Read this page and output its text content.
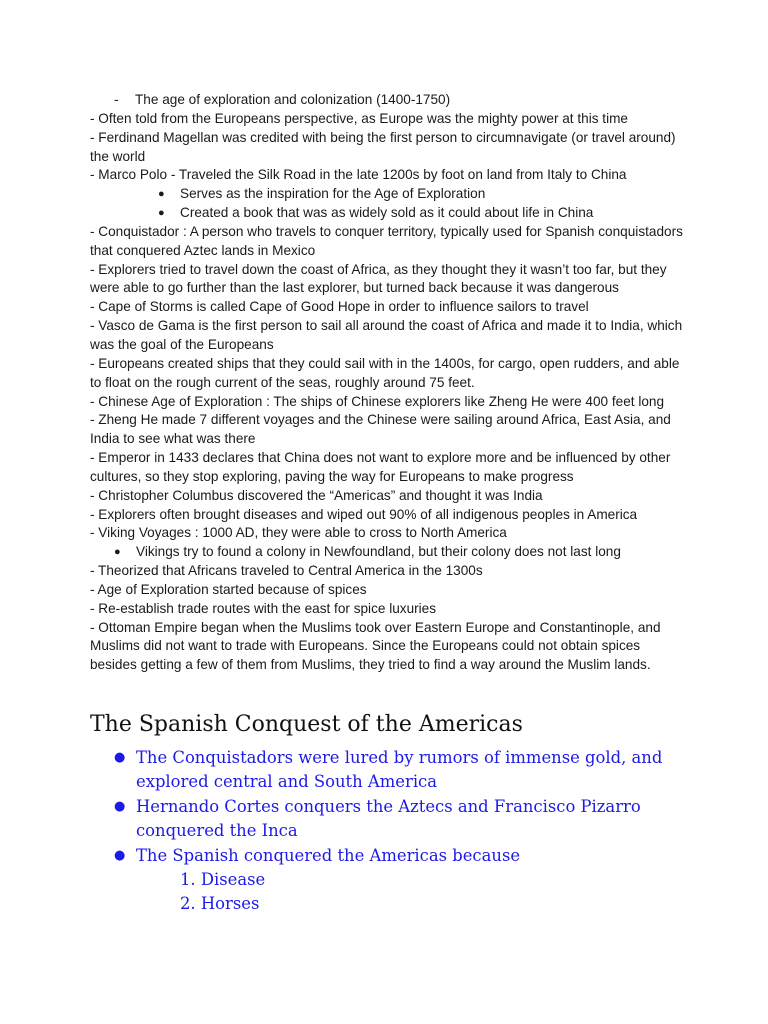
- The age of exploration and colonization (1400-1750)

- Often told from the Europeans perspective, as Europe was the mighty power at this time

- Ferdinand Magellan was credited with being the first person to circumnavigate (or travel around) the world

- Marco Polo - Traveled the Silk Road in the late 1200s by foot on land from Italy to China

● Serves as the inspiration for the Age of Exploration
● Created a book that was as widely sold as it could about life in China

- Conquistador : A person who travels to conquer territory, typically used for Spanish conquistadors that conquered Aztec lands in Mexico

- Explorers tried to travel down the coast of Africa, as they thought they it wasn’t too far, but they were able to go further than the last explorer, but turned back because it was dangerous

- Cape of Storms is called Cape of Good Hope in order to influence sailors to travel

- Vasco de Gama is the first person to sail all around the coast of Africa and made it to India, which was the goal of the Europeans

- Europeans created ships that they could sail with in the 1400s, for cargo, open rudders, and able to float on the rough current of the seas, roughly around 75 feet.

- Chinese Age of Exploration : The ships of Chinese explorers like Zheng He were 400 feet long

- Zheng He made 7 different voyages and the Chinese were sailing around Africa, East Asia, and India to see what was there

- Emperor in 1433 declares that China does not want to explore more and be influenced by other cultures, so they stop exploring, paving the way for Europeans to make progress

- Christopher Columbus discovered the “Americas” and thought it was India

- Explorers often brought diseases and wiped out 90% of all indigenous peoples in America

- Viking Voyages : 1000 AD, they were able to cross to North America

● Vikings try to found a colony in Newfoundland, but their colony does not last long

- Theorized that Africans traveled to Central America in the 1300s

- Age of Exploration started because of spices

- Re-establish trade routes with the east for spice luxuries

- Ottoman Empire began when the Muslims took over Eastern Europe and Constantinople, and Muslims did not want to trade with Europeans. Since the Europeans could not obtain spices besides getting a few of them from Muslims, they tried to find a way around the Muslim lands.

The Spanish Conquest of the Americas
● The Conquistadors were lured by rumors of immense gold, and explored central and South America
● Hernando Cortes conquers the Aztecs and Francisco Pizarro conquered the Inca
● The Spanish conquered the Americas because
1. Disease
2. Horses
